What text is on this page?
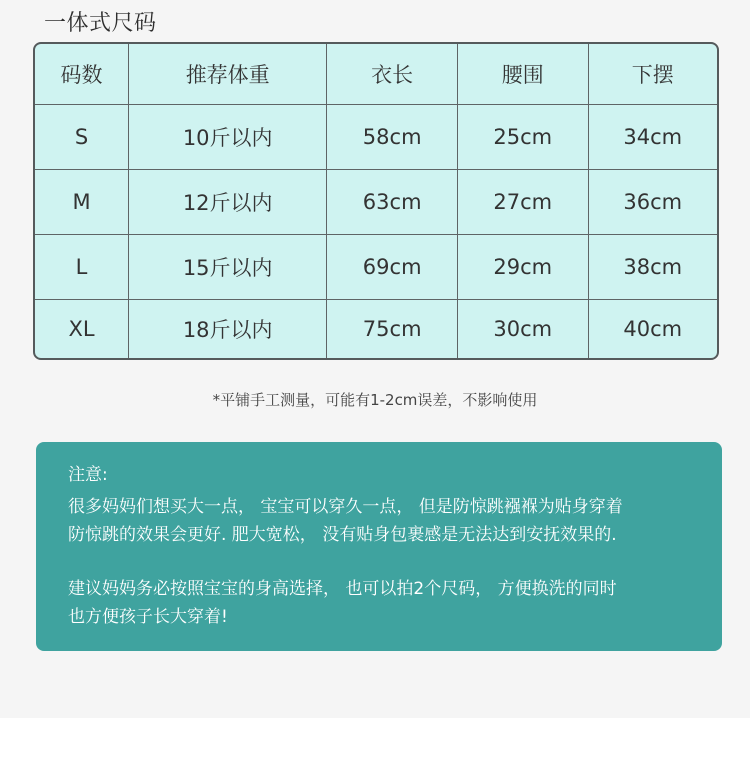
一体式尺码
码数	推荐体重	衣长	腰围	下摆
S	10斤以内	58cm	25cm	34cm
M	12斤以内	63cm	27cm	36cm
L	15斤以内	69cm	29cm	38cm
XL	18斤以内	75cm	30cm	40cm
*平铺手工测量，可能有1-2cm误差，不影响使用
注意:
很多妈妈们想买大一点， 宝宝可以穿久一点， 但是防惊跳襁褓为贴身穿着
防惊跳的效果会更好. 肥大宽松， 没有贴身包裹感是无法达到安抚效果的.
建议妈妈务必按照宝宝的身高选择， 也可以拍2个尺码， 方便换洗的同时
也方便孩子长大穿着!
